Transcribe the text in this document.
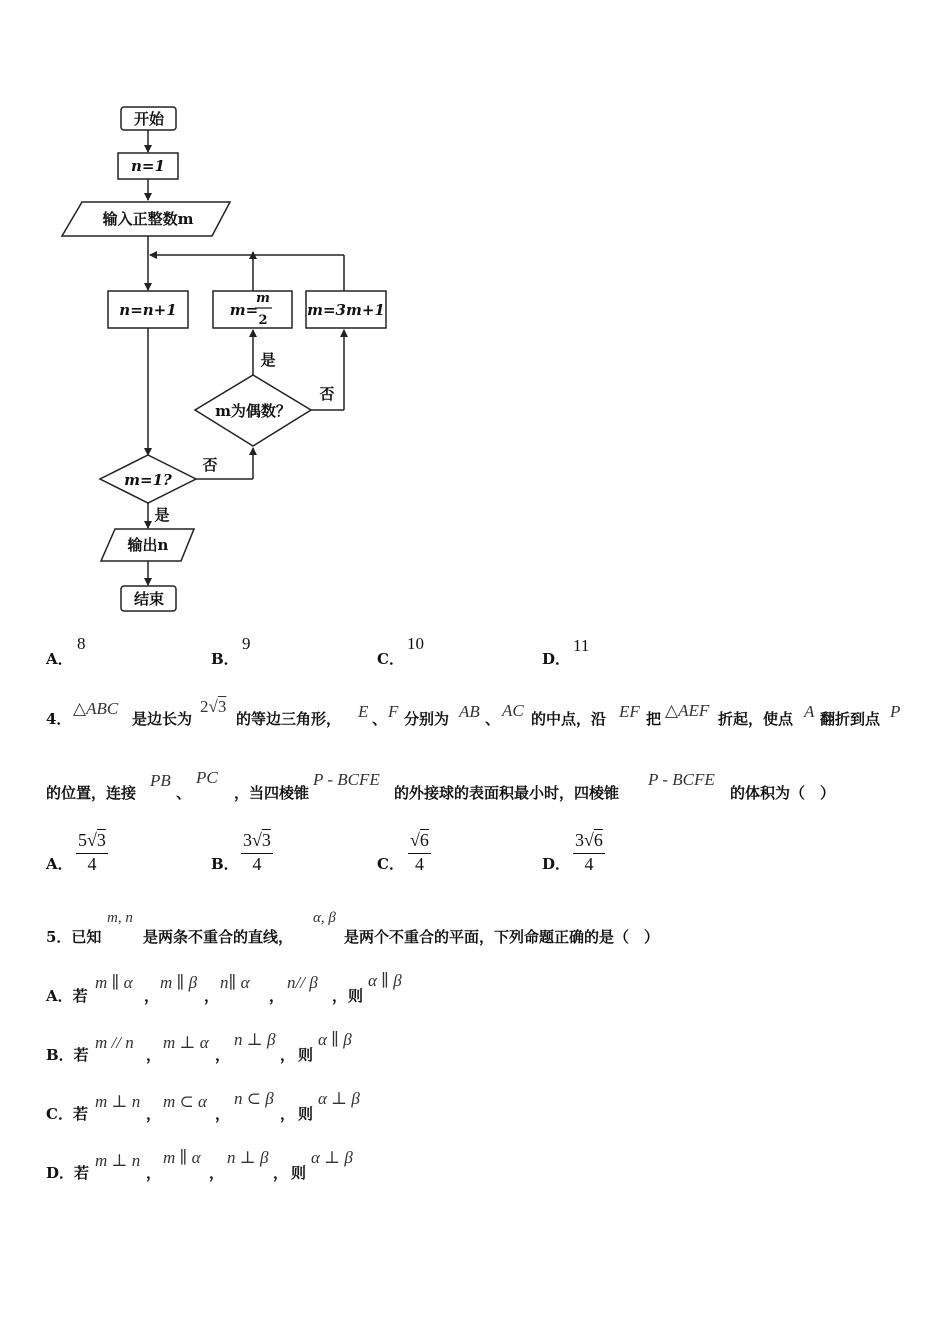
开始
n=1
输入正整数m
n=n+1	m=
m
2
m=3m+1
m为偶数？
m=1?
是
否
否
是
输出n
结束
A．
8
B．
9
C．
10
D．
11
4．
△ABC
是边长为
2√3
的等边三角形， E 、 F 分别为 AB 、 AC 的中点，沿 EF 把 △AEF 折起，使点 A 翻折到点 P
的位置，连接
PB
、
PC
，当四棱锥
P - BCFE
的外接球的表面积最小时，四棱锥
P - BCFE
的体积为（　）
A．
5√3
4	B．
3√3
4	C．
√6
4	D．
3√6
4
5．已知
m, n
是两条不重合的直线，
α, β
是两个不重合的平面，下列命题正确的是（　）
A．若
m ∥ α
，
m ∥ β
，
n∥ α
，
n// β
， 则
α ∥ β
B．若
m // n
，
m ⊥ α
，
n ⊥ β
， 则
α ∥ β
C．若
m ⊥ n
，
m ⊂ α
，
n ⊂ β
， 则
α ⊥ β
D．若
m ⊥ n
，
m ∥ α
，
n ⊥ β
， 则
α ⊥ β
